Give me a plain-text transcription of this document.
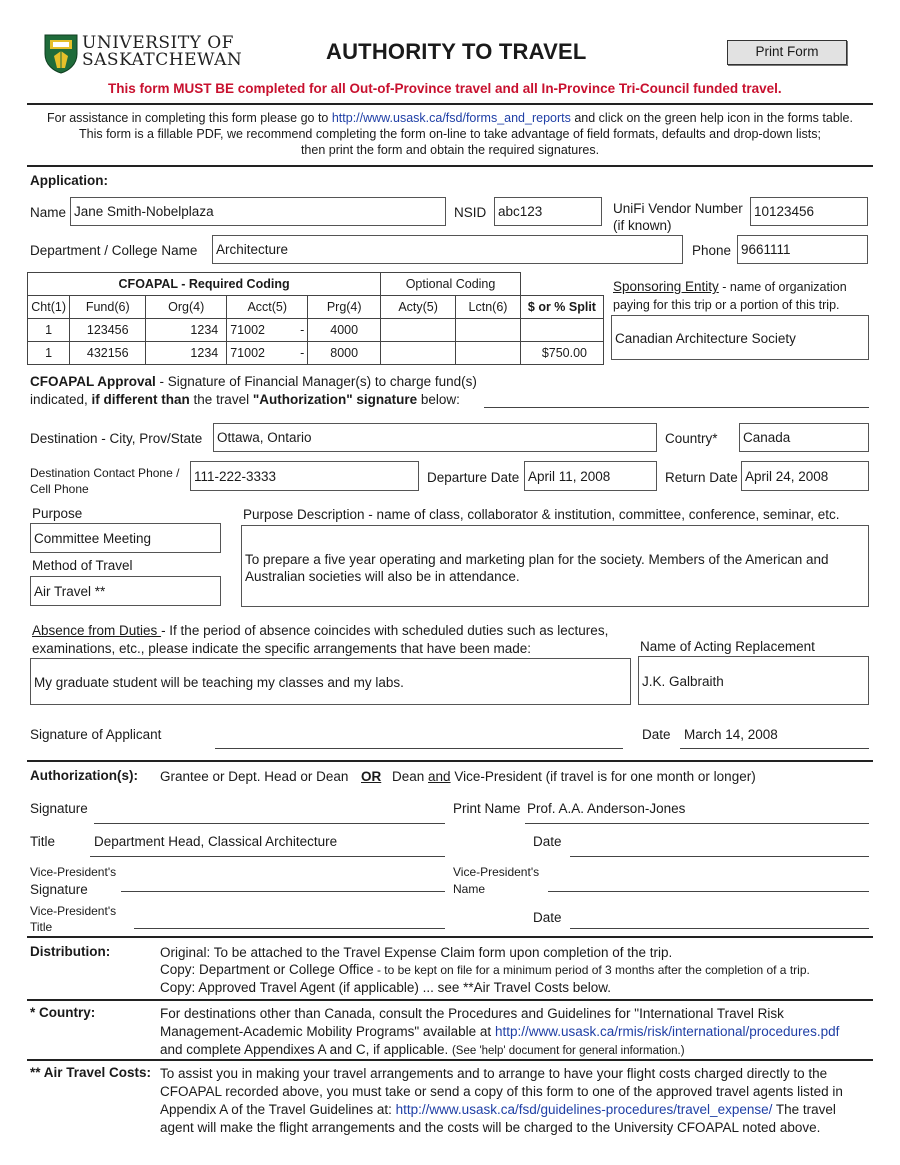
UNIVERSITY OF
SASKATCHEWAN	AUTHORITY TO TRAVEL	Print Form
This form MUST BE completed for all Out-of-Province travel and all In-Province Tri-Council funded travel.
For assistance in completing this form please go to http://www.usask.ca/fsd/forms_and_reports and click on the green help icon in the forms table.
This form is a fillable PDF, we recommend completing the form on-line to take advantage of field formats, defaults and drop-down lists;
then print the form and obtain the required signatures.
Application:
Name Jane Smith-Nobelplaza	NSID abc123	UniFi Vendor Number
(if known)
10123456
Department / College Name Architecture	Phone 9661111
CFOAPAL - Required Coding						Optional Coding		
Cht(1)	Fund(6)	Org(4)	Acct(5)		Prg(4)	Acty(5)	Lctn(6)	$ or % Split
1	123456	1234	71002	-	4000			
1	432156	1234	71002	-	8000			$750.00
Sponsoring Entity - name of organization
paying for this trip or a portion of this trip.
Canadian Architecture Society
CFOAPAL Approval - Signature of Financial Manager(s) to charge fund(s)
indicated, if different than the travel "Authorization" signature below:
Destination - City, Prov/State Ottawa, Ontario	Country* Canada
Destination Contact Phone /
Cell Phone
111-222-3333	Departure Date April 11, 2008	Return Date April 24, 2008
Purpose
Committee Meeting
Purpose Description - name of class, collaborator & institution, committee, conference, seminar, etc.
To prepare a five year operating and marketing plan for the society. Members of the American and Australian societies will also be in attendance.
Method of Travel
Air Travel **
Absence from Duties - If the period of absence coincides with scheduled duties such as lectures,
examinations, etc., please indicate the specific arrangements that have been made:	Name of Acting Replacement
My graduate student will be teaching my classes and my labs.	J.K. Galbraith
Signature of Applicant	Date March 14, 2008
Authorization(s): Grantee or Dept. Head or Dean OR Dean and Vice-President (if travel is for one month or longer)
Signature	Print Name Prof. A.A. Anderson-Jones
Title	Department Head, Classical Architecture	Date
Vice-President's
Signature
Vice-President's
Name
Vice-President's
Title
Date
Distribution:	Original: To be attached to the Travel Expense Claim form upon completion of the trip.
Copy: Department or College Office - to be kept on file for a minimum period of 3 months after the completion of a trip.
Copy: Approved Travel Agent (if applicable) ... see **Air Travel Costs below.
* Country:	For destinations other than Canada, consult the Procedures and Guidelines for "International Travel Risk
Management-Academic Mobility Programs" available at http://www.usask.ca/rmis/risk/international/procedures.pdf
and complete Appendixes A and C, if applicable. (See 'help' document for general information.)
** Air Travel Costs: To assist you in making your travel arrangements and to arrange to have your flight costs charged directly to the
CFOAPAL recorded above, you must take or send a copy of this form to one of the approved travel agents listed in
Appendix A of the Travel Guidelines at: http://www.usask.ca/fsd/guidelines-procedures/travel_expense/ The travel
agent will make the flight arrangements and the costs will be charged to the University CFOAPAL noted above.
